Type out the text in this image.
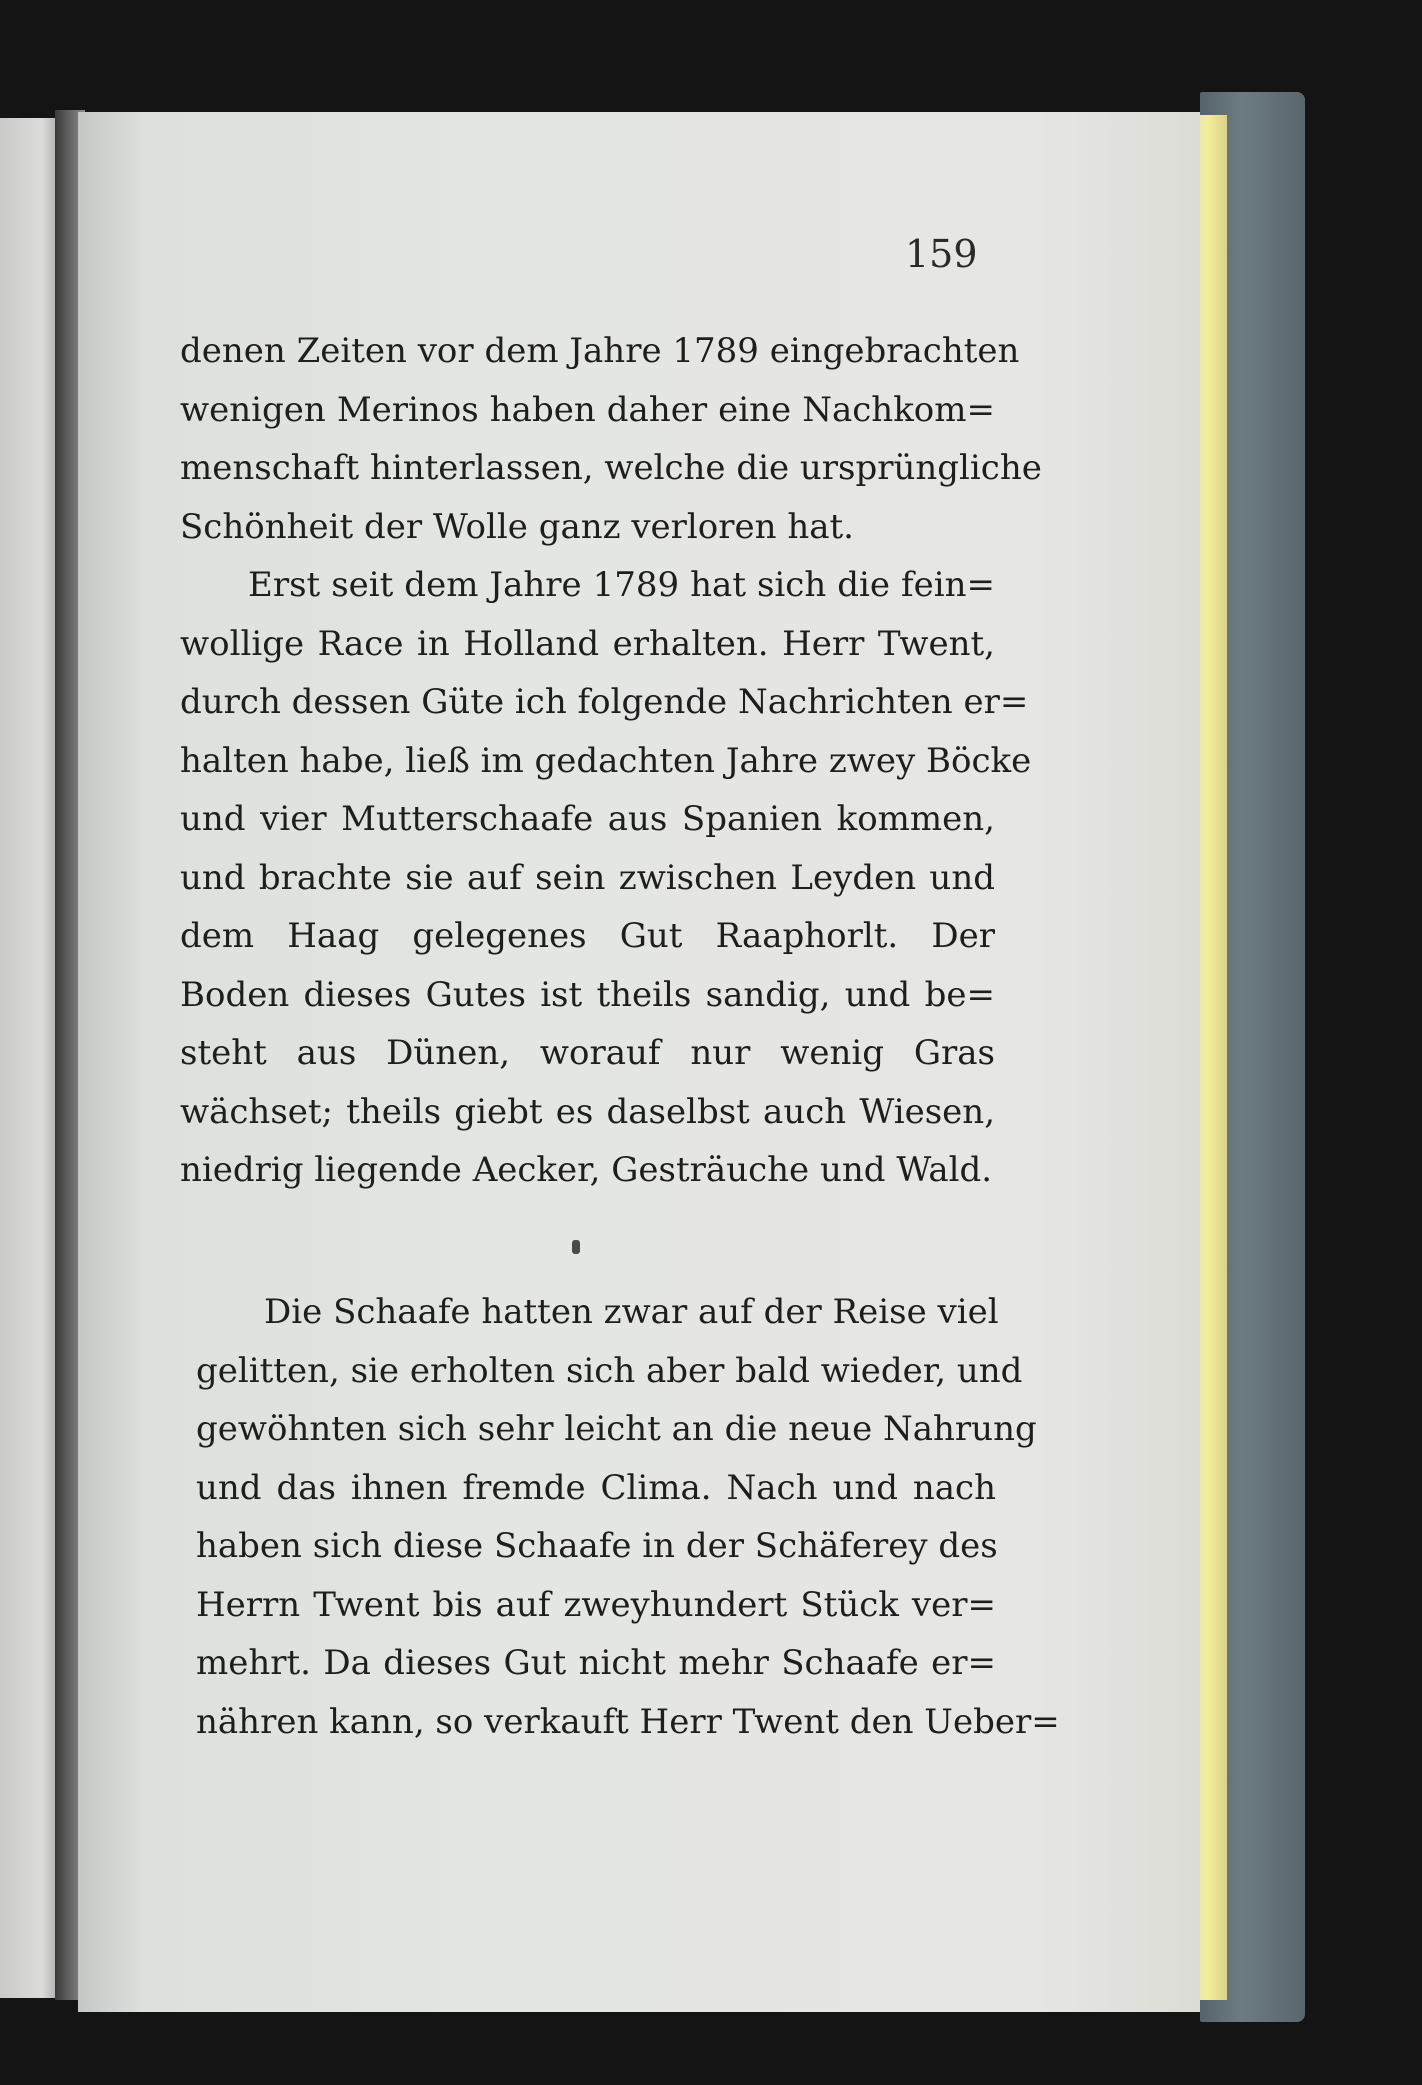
159
denen Zeiten vor dem Jahre 1789 eingebrachten
wenigen Merinos haben daher eine Nachkom=
menschaft hinterlassen, welche die ursprüngliche
Schönheit der Wolle ganz verloren hat.
Erst seit dem Jahre 1789 hat sich die fein=
wollige Race in Holland erhalten. Herr Twent,
durch dessen Güte ich folgende Nachrichten er=
halten habe, ließ im gedachten Jahre zwey Böcke
und vier Mutterschaafe aus Spanien kommen,
und brachte sie auf sein zwischen Leyden und
dem Haag gelegenes Gut Raaphorlt. Der
Boden dieses Gutes ist theils sandig, und be=
steht aus Dünen, worauf nur wenig Gras
wächset; theils giebt es daselbst auch Wiesen,
niedrig liegende Aecker, Gesträuche und Wald.
Die Schaafe hatten zwar auf der Reise viel
gelitten, sie erholten sich aber bald wieder, und
gewöhnten sich sehr leicht an die neue Nahrung
und das ihnen fremde Clima. Nach und nach
haben sich diese Schaafe in der Schäferey des
Herrn Twent bis auf zweyhundert Stück ver=
mehrt. Da dieses Gut nicht mehr Schaafe er=
nähren kann, so verkauft Herr Twent den Ueber=
